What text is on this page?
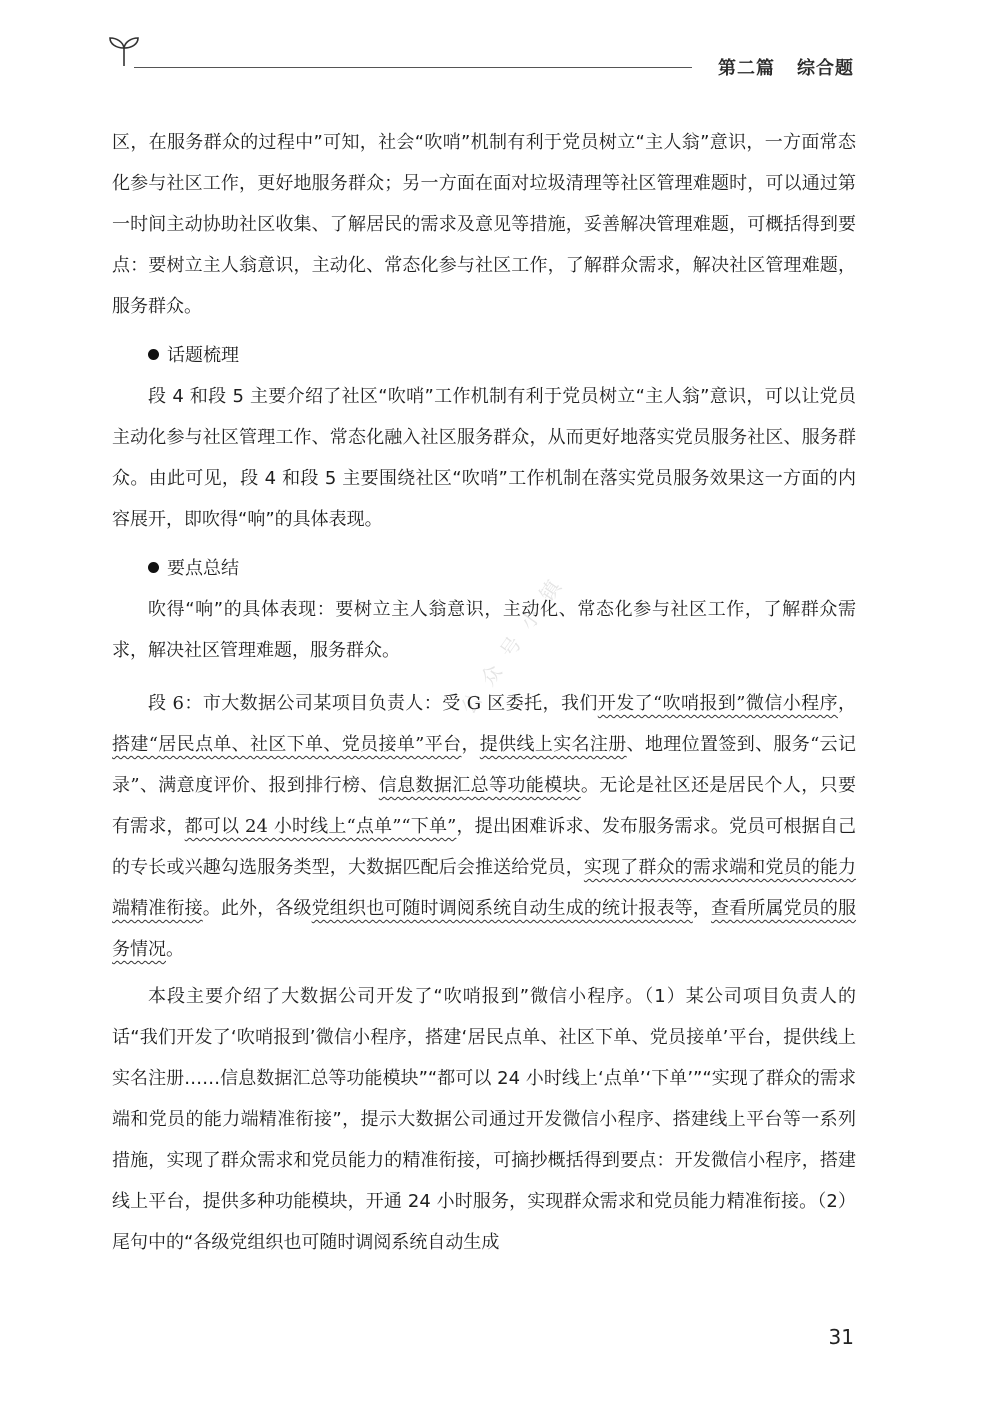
第二篇 综合题
公 众 号 小 镇

区，在服务群众的过程中”可知，社会“吹哨”机制有利于党员树立“主人翁”意识，一方面常态化参与社区工作，更好地服务群众；另一方面在面对垃圾清理等社区管理难题时，可以通过第一时间主动协助社区收集、了解居民的需求及意见等措施，妥善解决管理难题，可概括得到要点：要树立主人翁意识，主动化、常态化参与社区工作，了解群众需求，解决社区管理难题，服务群众。

话题梳理

段 4 和段 5 主要介绍了社区“吹哨”工作机制有利于党员树立“主人翁”意识，可以让党员主动化参与社区管理工作、常态化融入社区服务群众，从而更好地落实党员服务社区、服务群众。由此可见，段 4 和段 5 主要围绕社区“吹哨”工作机制在落实党员服务效果这一方面的内容展开，即吹得“响”的具体表现。

要点总结

吹得“响”的具体表现：要树立主人翁意识，主动化、常态化参与社区工作，了解群众需求，解决社区管理难题，服务群众。

段 6：市大数据公司某项目负责人：受 G 区委托，我们开发了“吹哨报到”微信小程序，搭建“居民点单、社区下单、党员接单”平台，提供线上实名注册、地理位置签到、服务“云记录”、满意度评价、报到排行榜、信息数据汇总等功能模块。无论是社区还是居民个人，只要有需求，都可以 24 小时线上“点单”“下单”，提出困难诉求、发布服务需求。党员可根据自己的专长或兴趣勾选服务类型，大数据匹配后会推送给党员，实现了群众的需求端和党员的能力端精准衔接。此外，各级党组织也可随时调阅系统自动生成的统计报表等，查看所属党员的服务情况。

本段主要介绍了大数据公司开发了“吹哨报到”微信小程序。（1）某公司项目负责人的话“我们开发了‘吹哨报到’微信小程序，搭建‘居民点单、社区下单、党员接单’平台，提供线上实名注册……信息数据汇总等功能模块”“都可以 24 小时线上‘点单’‘下单’”“实现了群众的需求端和党员的能力端精准衔接”，提示大数据公司通过开发微信小程序、搭建线上平台等一系列措施，实现了群众需求和党员能力的精准衔接，可摘抄概括得到要点：开发微信小程序，搭建线上平台，提供多种功能模块，开通 24 小时服务，实现群众需求和党员能力精准衔接。（2）尾句中的“各级党组织也可随时调阅系统自动生成

31
